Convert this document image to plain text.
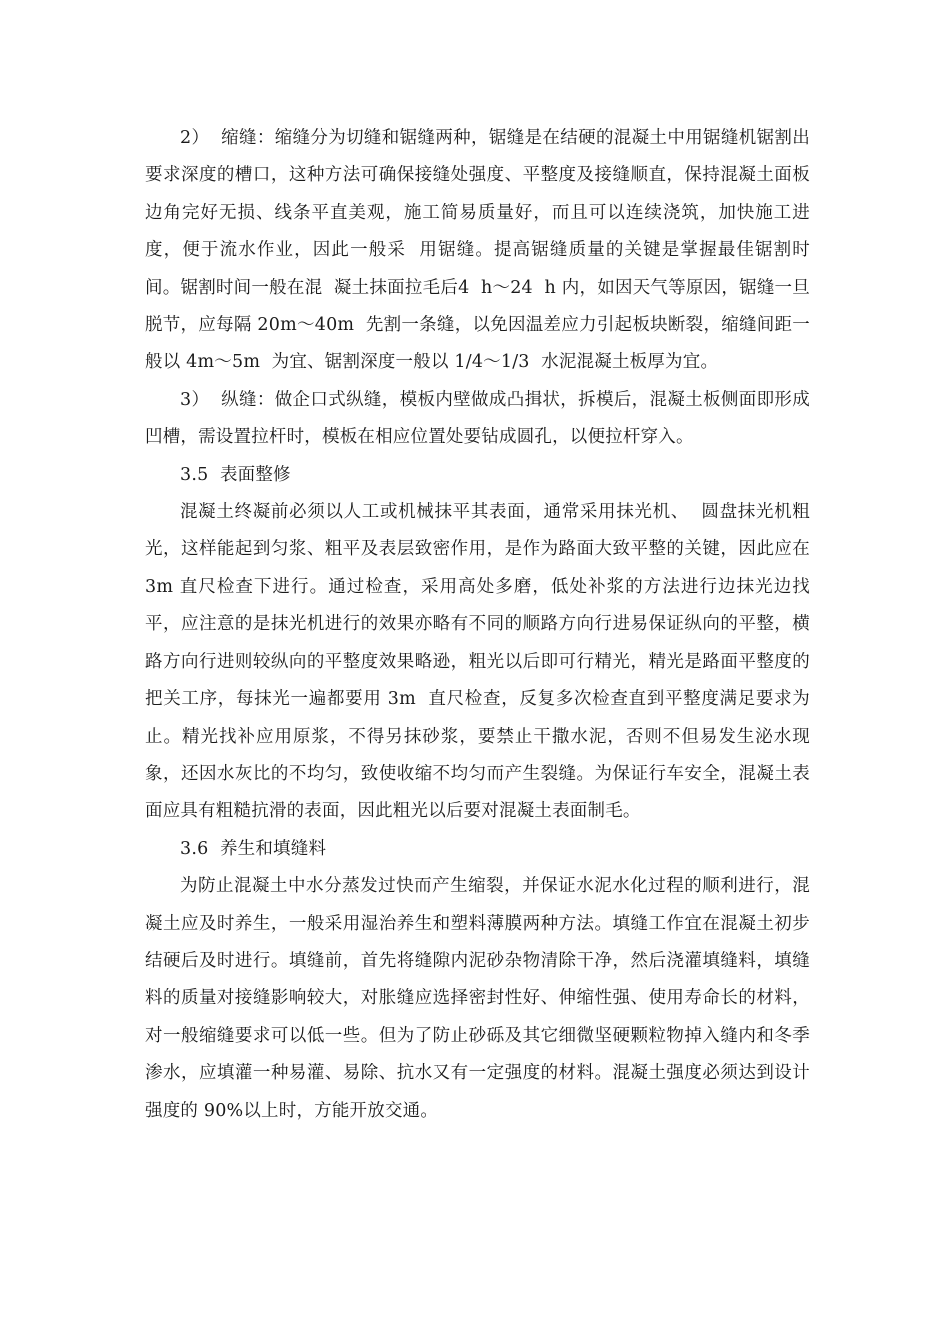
2）  缩缝：缩缝分为切缝和锯缝两种，锯缝是在结硬的混凝土中用锯缝机锯割出要求深度的槽口，这种方法可确保接缝处强度、平整度及接缝顺直，保持混凝土面板边角完好无损、线条平直美观，施工简易质量好，而且可以连续浇筑，加快施工进度，便于流水作业，因此一般采  用锯缝。提高锯缝质量的关键是掌握最佳锯割时间。锯割时间一般在混  凝土抹面拉毛后4  h～24  h 内，如因天气等原因，锯缝一旦脱节，应每隔 20m～40m  先割一条缝，以免因温差应力引起板块断裂，缩缝间距一般以 4m～5m  为宜、锯割深度一般以 1/4～1/3  水泥混凝土板厚为宜。

3）  纵缝：做企口式纵缝，模板内壁做成凸揖状，拆模后，混凝土板侧面即形成凹槽，需设置拉杆时，模板在相应位置处要钻成圆孔，以便拉杆穿入。

3.5  表面整修

混凝土终凝前必须以人工或机械抹平其表面，通常采用抹光机、  圆盘抹光机粗光，这样能起到匀浆、粗平及表层致密作用，是作为路面大致平整的关键，因此应在 3m 直尺检查下进行。通过检查，采用高处多磨，低处补浆的方法进行边抹光边找平，应注意的是抹光机进行的效果亦略有不同的顺路方向行进易保证纵向的平整，横路方向行进则较纵向的平整度效果略逊，粗光以后即可行精光，精光是路面平整度的把关工序，每抹光一遍都要用 3m  直尺检查，反复多次检查直到平整度满足要求为止。精光找补应用原浆，不得另抹砂浆，要禁止干撒水泥，否则不但易发生泌水现象，还因水灰比的不均匀，致使收缩不均匀而产生裂缝。为保证行车安全，混凝土表面应具有粗糙抗滑的表面，因此粗光以后要对混凝土表面制毛。

3.6  养生和填缝料

为防止混凝土中水分蒸发过快而产生缩裂，并保证水泥水化过程的顺利进行，混凝土应及时养生，一般采用湿治养生和塑料薄膜两种方法。填缝工作宜在混凝土初步结硬后及时进行。填缝前，首先将缝隙内泥砂杂物清除干净，然后浇灌填缝料，填缝料的质量对接缝影响较大，对胀缝应选择密封性好、伸缩性强、使用寿命长的材料，对一般缩缝要求可以低一些。但为了防止砂砾及其它细微坚硬颗粒物掉入缝内和冬季  渗水，应填灌一种易灌、易除、抗水又有一定强度的材料。混凝土强度必须达到设计强度的 90%以上时，方能开放交通。
